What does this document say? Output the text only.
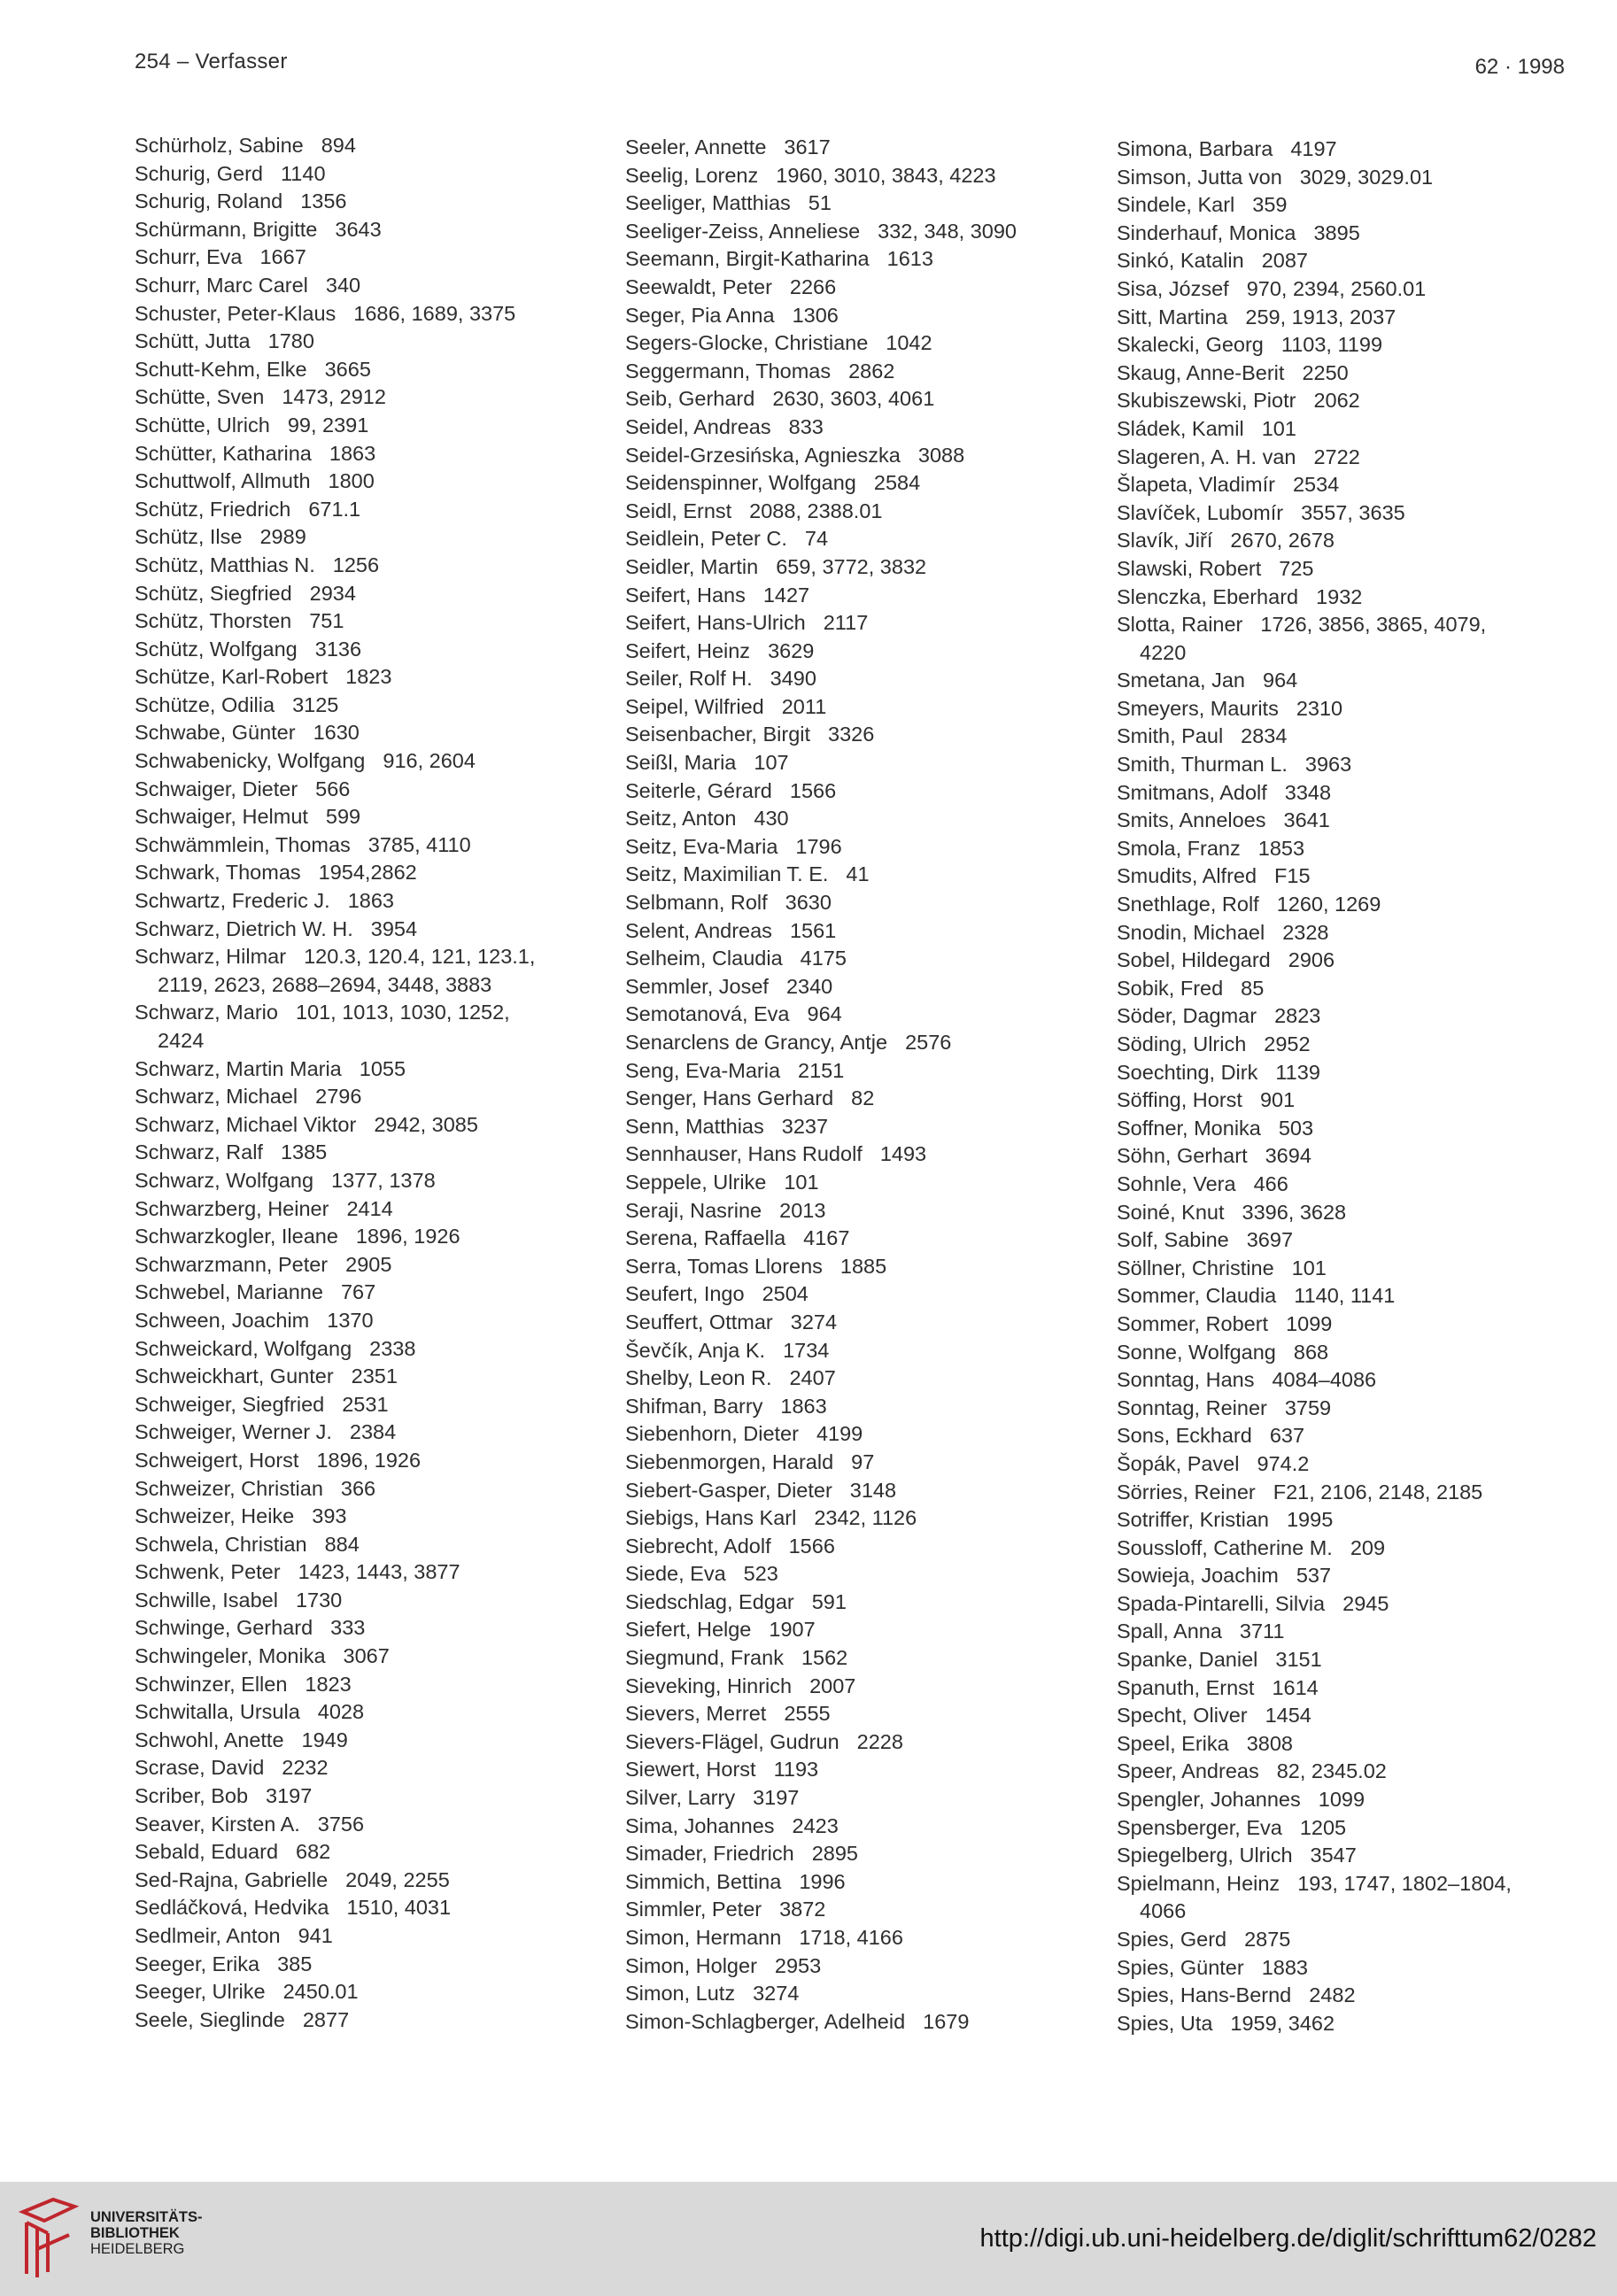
254 – Verfasser	62 · 1998
Schürholz, Sabine 894
Schurig, Gerd 1140
Schurig, Roland 1356
Schürmann, Brigitte 3643
Schurr, Eva 1667
Schurr, Marc Carel 340
Schuster, Peter-Klaus 1686, 1689, 3375
Schütt, Jutta 1780
Schutt-Kehm, Elke 3665
Schütte, Sven 1473, 2912
Schütte, Ulrich 99, 2391
Schütter, Katharina 1863
Schuttwolf, Allmuth 1800
Schütz, Friedrich 671.1
Schütz, Ilse 2989
Schütz, Matthias N. 1256
Schütz, Siegfried 2934
Schütz, Thorsten 751
Schütz, Wolfgang 3136
Schütze, Karl-Robert 1823
Schütze, Odilia 3125
Schwabe, Günter 1630
Schwabenicky, Wolfgang 916, 2604
Schwaiger, Dieter 566
Schwaiger, Helmut 599
Schwämmlein, Thomas 3785, 4110
Schwark, Thomas 1954,2862
Schwartz, Frederic J. 1863
Schwarz, Dietrich W. H. 3954
Schwarz, Hilmar 120.3, 120.4, 121, 123.1,
2119, 2623, 2688–2694, 3448, 3883
Schwarz, Mario 101, 1013, 1030, 1252,
2424
Schwarz, Martin Maria 1055
Schwarz, Michael 2796
Schwarz, Michael Viktor 2942, 3085
Schwarz, Ralf 1385
Schwarz, Wolfgang 1377, 1378
Schwarzberg, Heiner 2414
Schwarzkogler, Ileane 1896, 1926
Schwarzmann, Peter 2905
Schwebel, Marianne 767
Schween, Joachim 1370
Schweickard, Wolfgang 2338
Schweickhart, Gunter 2351
Schweiger, Siegfried 2531
Schweiger, Werner J. 2384
Schweigert, Horst 1896, 1926
Schweizer, Christian 366
Schweizer, Heike 393
Schwela, Christian 884
Schwenk, Peter 1423, 1443, 3877
Schwille, Isabel 1730
Schwinge, Gerhard 333
Schwingeler, Monika 3067
Schwinzer, Ellen 1823
Schwitalla, Ursula 4028
Schwohl, Anette 1949
Scrase, David 2232
Scriber, Bob 3197
Seaver, Kirsten A. 3756
Sebald, Eduard 682
Sed-Rajna, Gabrielle 2049, 2255
Sedláčková, Hedvika 1510, 4031
Sedlmeir, Anton 941
Seeger, Erika 385
Seeger, Ulrike 2450.01
Seele, Sieglinde 2877
Seeler, Annette 3617
Seelig, Lorenz 1960, 3010, 3843, 4223
Seeliger, Matthias 51
Seeliger-Zeiss, Anneliese 332, 348, 3090
Seemann, Birgit-Katharina 1613
Seewaldt, Peter 2266
Seger, Pia Anna 1306
Segers-Glocke, Christiane 1042
Seggermann, Thomas 2862
Seib, Gerhard 2630, 3603, 4061
Seidel, Andreas 833
Seidel-Grzesińska, Agnieszka 3088
Seidenspinner, Wolfgang 2584
Seidl, Ernst 2088, 2388.01
Seidlein, Peter C. 74
Seidler, Martin 659, 3772, 3832
Seifert, Hans 1427
Seifert, Hans-Ulrich 2117
Seifert, Heinz 3629
Seiler, Rolf H. 3490
Seipel, Wilfried 2011
Seisenbacher, Birgit 3326
Seißl, Maria 107
Seiterle, Gérard 1566
Seitz, Anton 430
Seitz, Eva-Maria 1796
Seitz, Maximilian T. E. 41
Selbmann, Rolf 3630
Selent, Andreas 1561
Selheim, Claudia 4175
Semmler, Josef 2340
Semotanová, Eva 964
Senarclens de Grancy, Antje 2576
Seng, Eva-Maria 2151
Senger, Hans Gerhard 82
Senn, Matthias 3237
Sennhauser, Hans Rudolf 1493
Seppele, Ulrike 101
Seraji, Nasrine 2013
Serena, Raffaella 4167
Serra, Tomas Llorens 1885
Seufert, Ingo 2504
Seuffert, Ottmar 3274
Ševčík, Anja K. 1734
Shelby, Leon R. 2407
Shifman, Barry 1863
Siebenhorn, Dieter 4199
Siebenmorgen, Harald 97
Siebert-Gasper, Dieter 3148
Siebigs, Hans Karl 2342, 1126
Siebrecht, Adolf 1566
Siede, Eva 523
Siedschlag, Edgar 591
Siefert, Helge 1907
Siegmund, Frank 1562
Sieveking, Hinrich 2007
Sievers, Merret 2555
Sievers-Flägel, Gudrun 2228
Siewert, Horst 1193
Silver, Larry 3197
Sima, Johannes 2423
Simader, Friedrich 2895
Simmich, Bettina 1996
Simmler, Peter 3872
Simon, Hermann 1718, 4166
Simon, Holger 2953
Simon, Lutz 3274
Simon-Schlagberger, Adelheid 1679
Simona, Barbara 4197
Simson, Jutta von 3029, 3029.01
Sindele, Karl 359
Sinderhauf, Monica 3895
Sinkó, Katalin 2087
Sisa, József 970, 2394, 2560.01
Sitt, Martina 259, 1913, 2037
Skalecki, Georg 1103, 1199
Skaug, Anne-Berit 2250
Skubiszewski, Piotr 2062
Sládek, Kamil 101
Slageren, A. H. van 2722
Šlapeta, Vladimír 2534
Slavíček, Lubomír 3557, 3635
Slavík, Jiří 2670, 2678
Slawski, Robert 725
Slenczka, Eberhard 1932
Slotta, Rainer 1726, 3856, 3865, 4079,
4220
Smetana, Jan 964
Smeyers, Maurits 2310
Smith, Paul 2834
Smith, Thurman L. 3963
Smitmans, Adolf 3348
Smits, Anneloes 3641
Smola, Franz 1853
Smudits, Alfred F15
Snethlage, Rolf 1260, 1269
Snodin, Michael 2328
Sobel, Hildegard 2906
Sobik, Fred 85
Söder, Dagmar 2823
Söding, Ulrich 2952
Soechting, Dirk 1139
Söffing, Horst 901
Soffner, Monika 503
Söhn, Gerhart 3694
Sohnle, Vera 466
Soiné, Knut 3396, 3628
Solf, Sabine 3697
Söllner, Christine 101
Sommer, Claudia 1140, 1141
Sommer, Robert 1099
Sonne, Wolfgang 868
Sonntag, Hans 4084–4086
Sonntag, Reiner 3759
Sons, Eckhard 637
Šopák, Pavel 974.2
Sörries, Reiner F21, 2106, 2148, 2185
Sotriffer, Kristian 1995
Soussloff, Catherine M. 209
Sowieja, Joachim 537
Spada-Pintarelli, Silvia 2945
Spall, Anna 3711
Spanke, Daniel 3151
Spanuth, Ernst 1614
Specht, Oliver 1454
Speel, Erika 3808
Speer, Andreas 82, 2345.02
Spengler, Johannes 1099
Spensberger, Eva 1205
Spiegelberg, Ulrich 3547
Spielmann, Heinz 193, 1747, 1802–1804,
4066
Spies, Gerd 2875
Spies, Günter 1883
Spies, Hans-Bernd 2482
Spies, Uta 1959, 3462
UNIVERSITÄTS-
BIBLIOTHEK
HEIDELBERG	http://digi.ub.uni-heidelberg.de/diglit/schrifttum62/0282
